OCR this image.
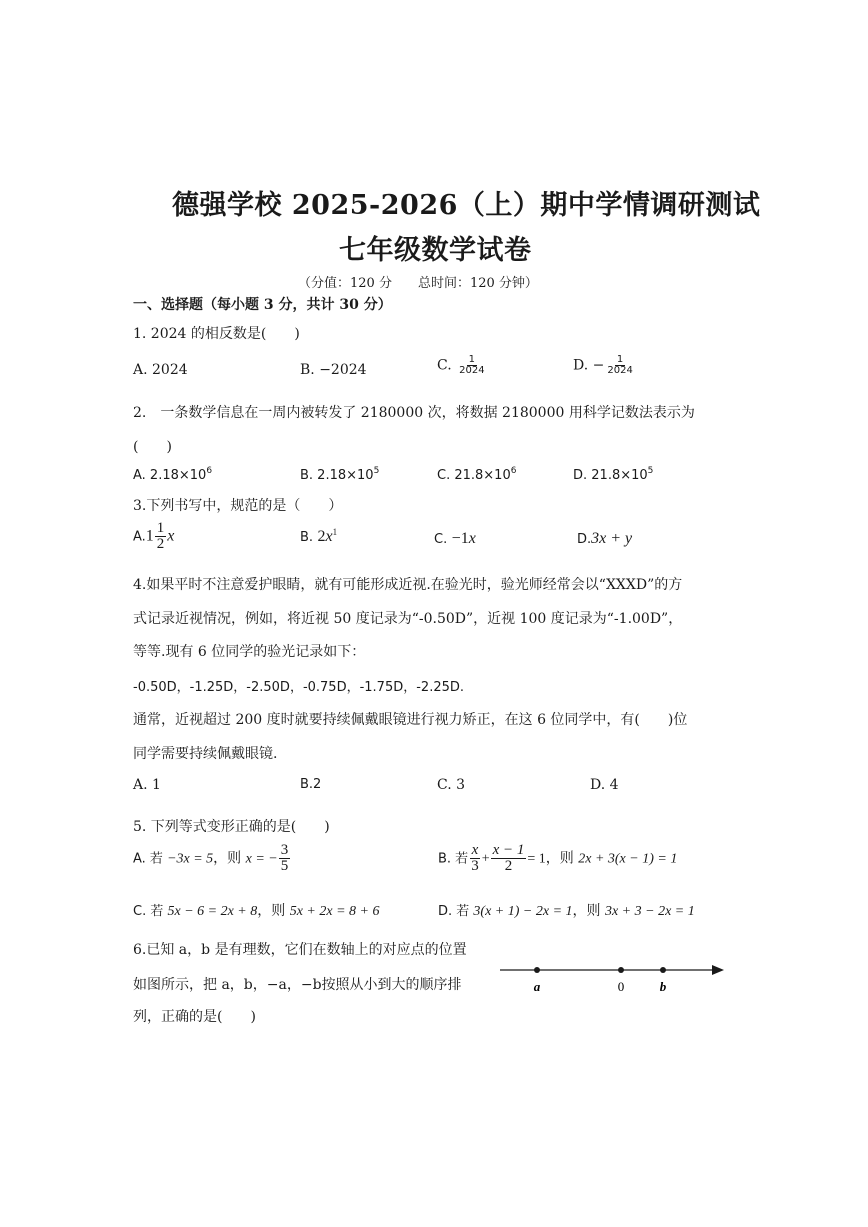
德强学校 2025-2026（上）期中学情调研测试
七年级数学试卷
（分值：120 分　　总时间：120 分钟）
一、选择题（每小题 3 分，共计 30 分）
1. 2024 的相反数是(　　)
A. 2024	B. −2024	C. $\frac{1}{2024}$	D. − $\frac{1}{2024}$
2.　一条数学信息在一周内被转发了 2180000 次，将数据 2180000 用科学记数法表示为
(　　)
A. $2.18\times 10^6$	B. $2.18\times 10^5$	C. $21.8\times 10^6$	D. $21.8\times 10^5$
3.下列书写中，规范的是（　　）
$A.1 \frac{1}{2}$ x	B. $2x^1$	C. −1x	D.3x + y
4.如果平时不注意爱护眼睛，就有可能形成近视.在验光时，验光师经常会以“XXXD”的方
式记录近视情况，例如，将近视 50 度记录为“-0.50D”，近视 100 度记录为“-1.00D”，
等等.现有 6 位同学的验光记录如下：
-0.50D，-1.25D，-2.50D，-0.75D，-1.75D，-2.25D.
通常，近视超过 200 度时就要持续佩戴眼镜进行视力矫正，在这 6 位同学中，有(　　)位
同学需要持续佩戴眼镜.
A. 1	B.2	C. 3	D. 4
5. 下列等式变形正确的是(　　)
A. 若 −3x = 5，则 x = − $\frac{3}{5}$	B. 若 $\frac{x}{3} + \frac{x - 1}{2} = 1$，则 2x + 3(x − 1) = 1
C. 若 5x − 6 = 2x + 8，则 5x + 2x = 8 + 6	D. 若 3(x + 1) − 2x = 1，则 3x + 3 − 2x = 1
6.已知 a，b 是有理数，它们在数轴上的对应点的位置
如图所示，把 a，b，−a，−b按照从小到大的顺序排
列，正确的是(　　)
a	0	b
